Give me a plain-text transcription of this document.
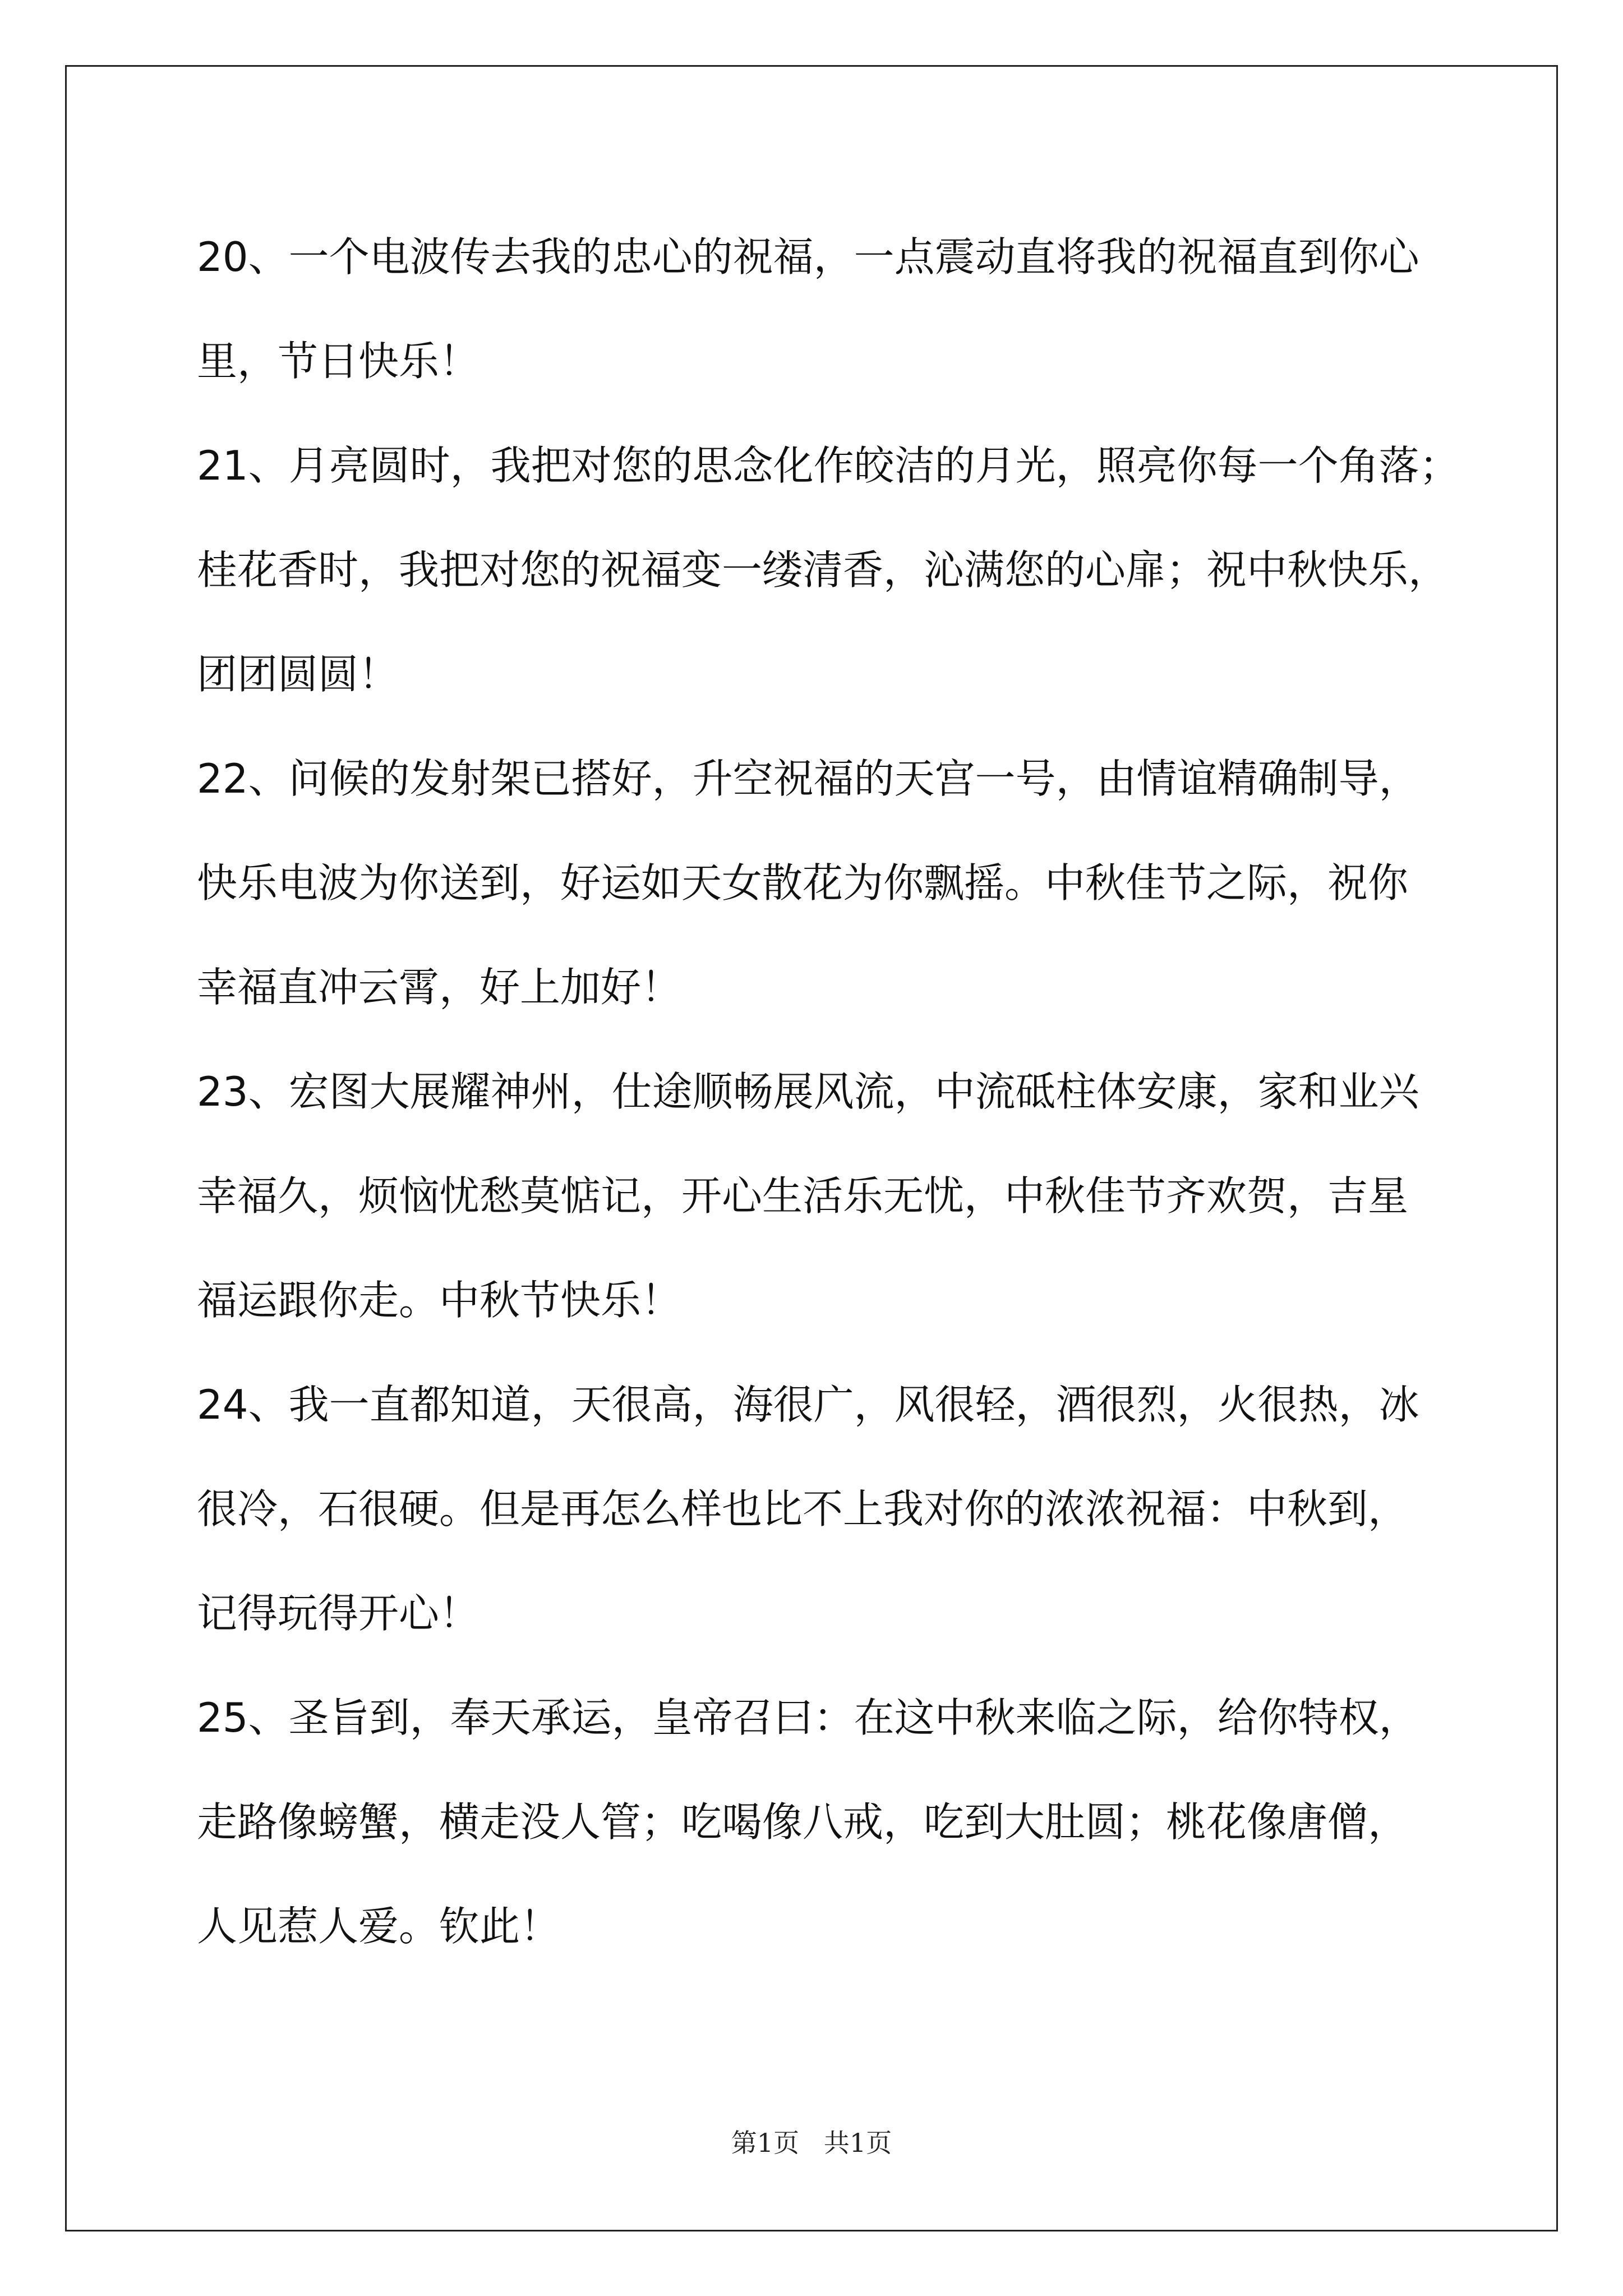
20、一个电波传去我的忠心的祝福，一点震动直将我的祝福直到你心
里，节日快乐！
21、月亮圆时，我把对您的思念化作皎洁的月光，照亮你每一个角落；
桂花香时，我把对您的祝福变一缕清香，沁满您的心扉；祝中秋快乐，
团团圆圆！
22、问候的发射架已搭好，升空祝福的天宫一号，由情谊精确制导，
快乐电波为你送到，好运如天女散花为你飘摇。中秋佳节之际，祝你
幸福直冲云霄，好上加好！
23、宏图大展耀神州，仕途顺畅展风流，中流砥柱体安康，家和业兴
幸福久，烦恼忧愁莫惦记，开心生活乐无忧，中秋佳节齐欢贺，吉星
福运跟你走。中秋节快乐！
24、我一直都知道，天很高，海很广，风很轻，酒很烈，火很热，冰
很冷，石很硬。但是再怎么样也比不上我对你的浓浓祝福：中秋到，
记得玩得开心！
25、圣旨到，奉天承运，皇帝召曰：在这中秋来临之际，给你特权，
走路像螃蟹，横走没人管；吃喝像八戒，吃到大肚圆；桃花像唐僧，
人见惹人爱。钦此！
第1页   共1页
